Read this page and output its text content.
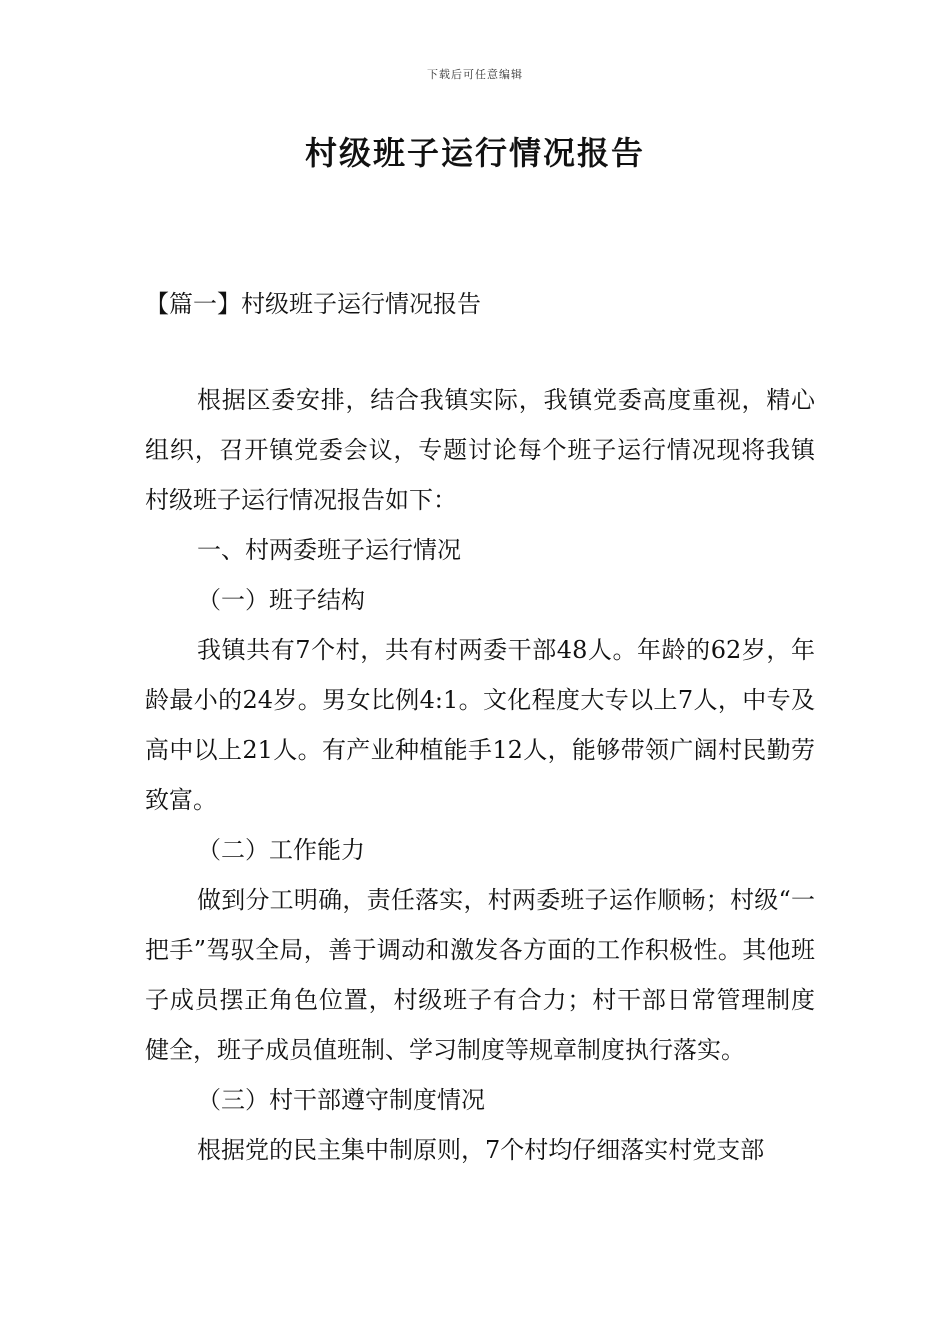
下载后可任意编辑
村级班子运行情况报告
【篇一】村级班子运行情况报告

根据区委安排，结合我镇实际，我镇党委高度重视，精心组织，召开镇党委会议，专题讨论每个班子运行情况现将我镇村级班子运行情况报告如下：

一、村两委班子运行情况

（一）班子结构

我镇共有7个村，共有村两委干部48人。年龄的62岁，年龄最小的24岁。男女比例4:1。文化程度大专以上7人，中专及高中以上21人。有产业种植能手12人，能够带领广阔村民勤劳致富。

（二）工作能力

做到分工明确，责任落实，村两委班子运作顺畅；村级“一把手”驾驭全局，善于调动和激发各方面的工作积极性。其他班子成员摆正角色位置，村级班子有合力；村干部日常管理制度健全，班子成员值班制、学习制度等规章制度执行落实。

（三）村干部遵守制度情况

根据党的民主集中制原则，7个村均仔细落实村党支部
